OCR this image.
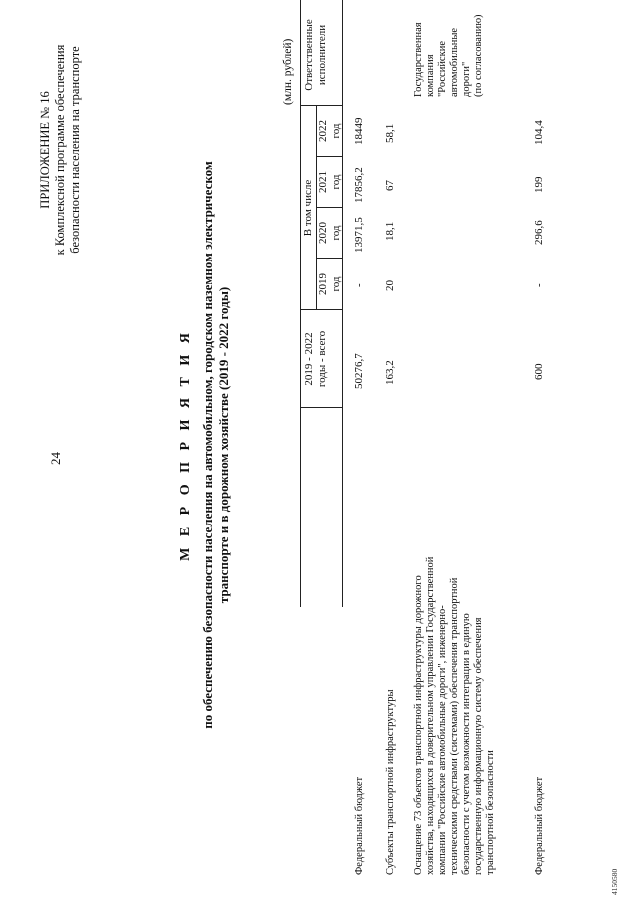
24
ПРИЛОЖЕНИЕ № 16 к Комплексной программе обеспечения безопасности населения на транспорте
М Е Р О П Р И Я Т И Я по обеспечению безопасности населения на автомобильном, городском наземном электрическом транспорте и в дорожном хозяйстве (2019 - 2022 годы)
(млн. рублей)
2019 - 2022 годы - всего
В том числе
2019 год
2020 год
2021 год
2022 год
Ответственные исполнители
Федеральный бюджет
50276,7
-
13971,5
17856,2
18449
Субъекты транспортной инфраструктуры
163,2
20
18,1
67
58,1
Оснащение 73 объектов транспортной инфраструктуры дорожного хозяйства, находящихся в доверительном управлении Государственной компании "Российские автомобильные дороги", инженерно- техническими средствами (системами) обеспечения транспортной безопасности с учетом возможности интеграции в единую государственную информационную систему обеспечения транспортной безопасности
Государственная компания "Российские автомобильные дороги" (по согласованию)
Федеральный бюджет
600
-
296,6
199
104,4
4150580
